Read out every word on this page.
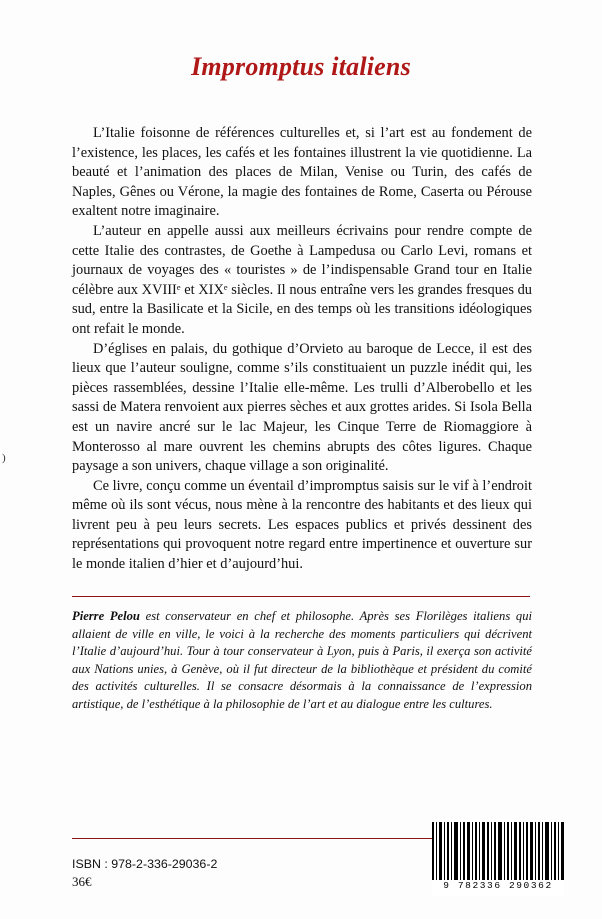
Impromptus italiens
)

L’Italie foisonne de références culturelles et, si l’art est au fondement de l’existence, les places, les cafés et les fontaines illustrent la vie quotidienne. La beauté et l’animation des places de Milan, Venise ou Turin, des cafés de Naples, Gênes ou Vérone, la magie des fontaines de Rome, Caserta ou Pérouse exaltent notre imaginaire.

L’auteur en appelle aussi aux meilleurs écrivains pour rendre compte de cette Italie des contrastes, de Goethe à Lampedusa ou Carlo Levi, romans et journaux de voyages des « touristes » de l’indispensable Grand tour en Italie célèbre aux XVIIIᵉ et XIXᵉ siècles. Il nous entraîne vers les grandes fresques du sud, entre la Basilicate et la Sicile, en des temps où les transitions idéologiques ont refait le monde.

D’églises en palais, du gothique d’Orvieto au baroque de Lecce, il est des lieux que l’auteur souligne, comme s’ils constituaient un puzzle inédit qui, les pièces rassemblées, dessine l’Italie elle-même. Les trulli d’Alberobello et les sassi de Matera renvoient aux pierres sèches et aux grottes arides. Si Isola Bella est un navire ancré sur le lac Majeur, les Cinque Terre de Riomaggiore à Monterosso al mare ouvrent les chemins abrupts des côtes ligures. Chaque paysage a son univers, chaque village a son originalité.

Ce livre, conçu comme un éventail d’impromptus saisis sur le vif à l’endroit même où ils sont vécus, nous mène à la rencontre des habitants et des lieux qui livrent peu à peu leurs secrets. Les espaces publics et privés dessinent des représentations qui provoquent notre regard entre impertinence et ouverture sur le monde italien d’hier et d’aujourd’hui.

Pierre Pelou est conservateur en chef et philosophe. Après ses Florilèges italiens qui allaient de ville en ville, le voici à la recherche des moments particuliers qui décrivent l’Italie d’aujourd’hui. Tour à tour conservateur à Lyon, puis à Paris, il exerça son activité aux Nations unies, à Genève, où il fut directeur de la bibliothèque et président du comité des activités culturelles. Il se consacre désormais à la connaissance de l’expression artistique, de l’esthétique à la philosophie de l’art et au dialogue entre les cultures.
ISBN : 978-2-336-29036-2
36€	9 782336 290362
